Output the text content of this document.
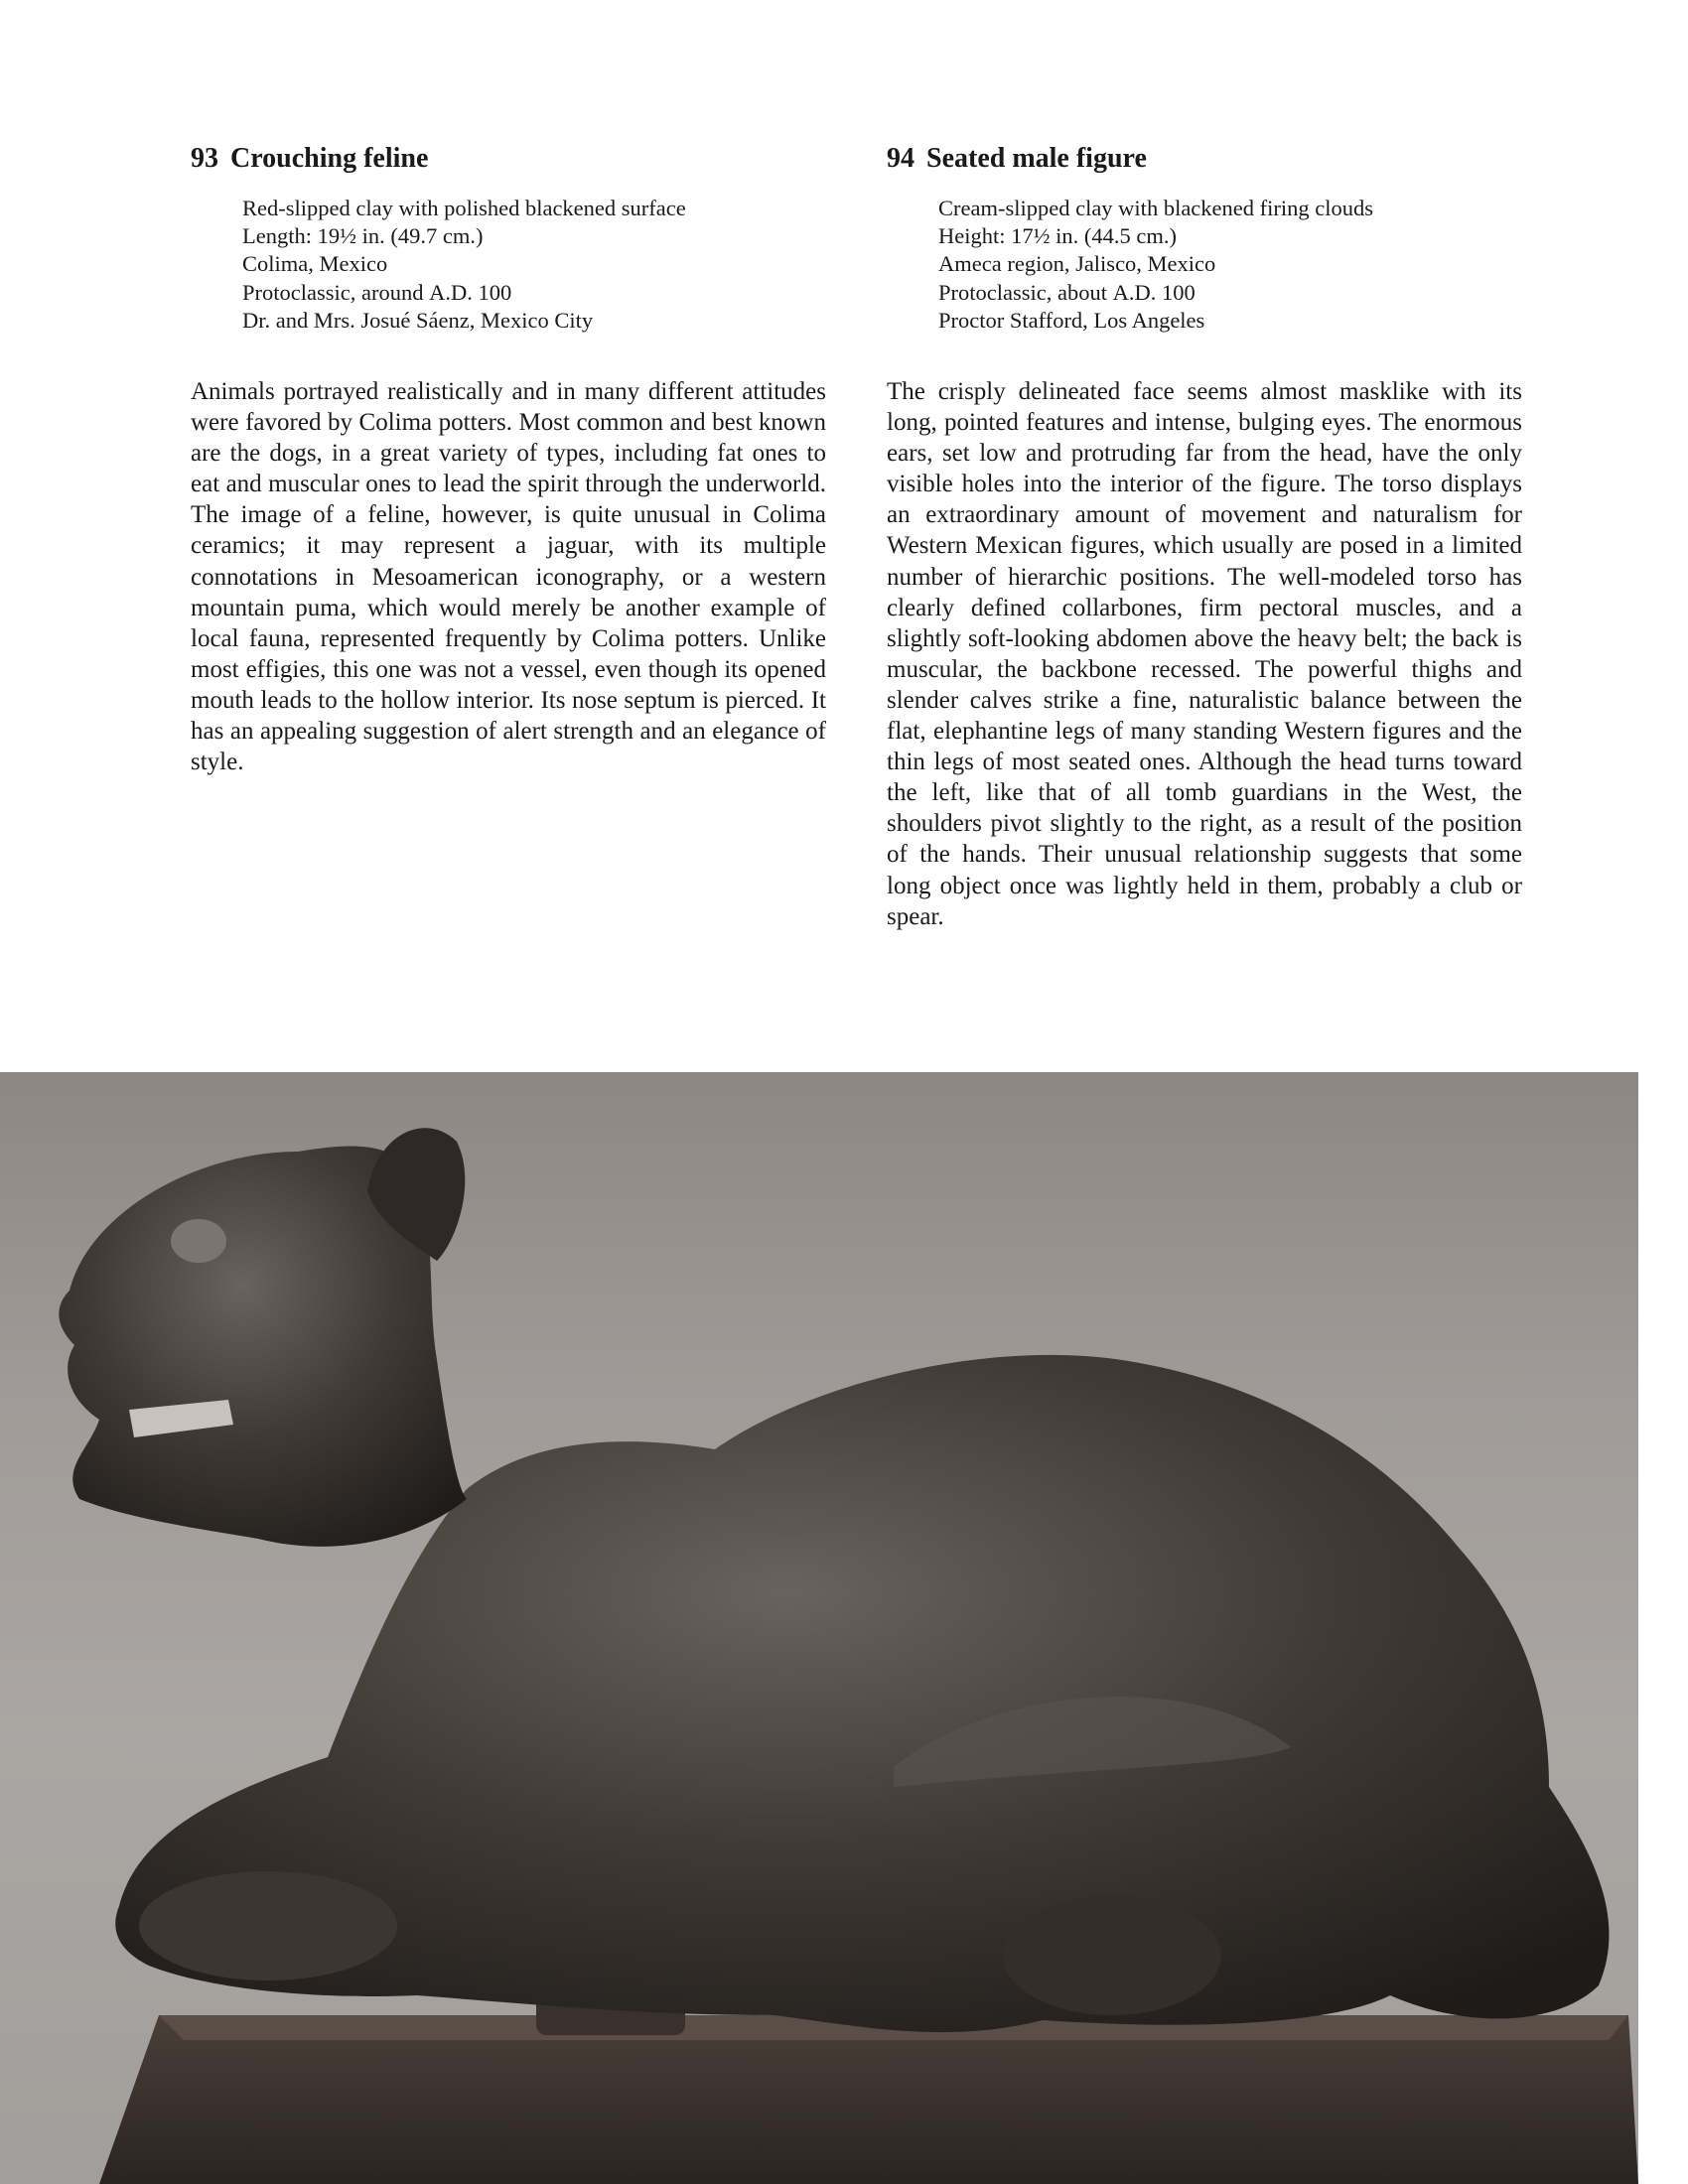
93 Crouching feline
Red-slipped clay with polished blackened surface
Length: 19½ in. (49.7 cm.)
Colima, Mexico
Protoclassic, around A.D. 100
Dr. and Mrs. Josué Sáenz, Mexico City

Animals portrayed realistically and in many different attitudes were favored by Colima potters. Most common and best known are the dogs, in a great variety of types, including fat ones to eat and muscular ones to lead the spirit through the underworld. The image of a feline, however, is quite unusual in Colima ceramics; it may represent a jaguar, with its multiple connotations in Mesoamerican iconography, or a western mountain puma, which would merely be another example of local fauna, represented frequently by Colima potters. Unlike most effigies, this one was not a vessel, even though its opened mouth leads to the hollow interior. Its nose septum is pierced. It has an appealing suggestion of alert strength and an elegance of style.

94 Seated male figure
Cream-slipped clay with blackened firing clouds
Height: 17½ in. (44.5 cm.)
Ameca region, Jalisco, Mexico
Protoclassic, about A.D. 100
Proctor Stafford, Los Angeles

The crisply delineated face seems almost masklike with its long, pointed features and intense, bulging eyes. The enormous ears, set low and protruding far from the head, have the only visible holes into the interior of the figure. The torso displays an extraordinary amount of movement and naturalism for Western Mexican figures, which usually are posed in a limited number of hierarchic positions. The well-modeled torso has clearly defined collarbones, firm pectoral muscles, and a slightly soft-looking abdomen above the heavy belt; the back is muscular, the backbone recessed. The powerful thighs and slender calves strike a fine, naturalistic balance between the flat, elephantine legs of many standing Western figures and the thin legs of most seated ones. Although the head turns toward the left, like that of all tomb guardians in the West, the shoulders pivot slightly to the right, as a result of the position of the hands. Their unusual relationship suggests that some long object once was lightly held in them, probably a club or spear.
